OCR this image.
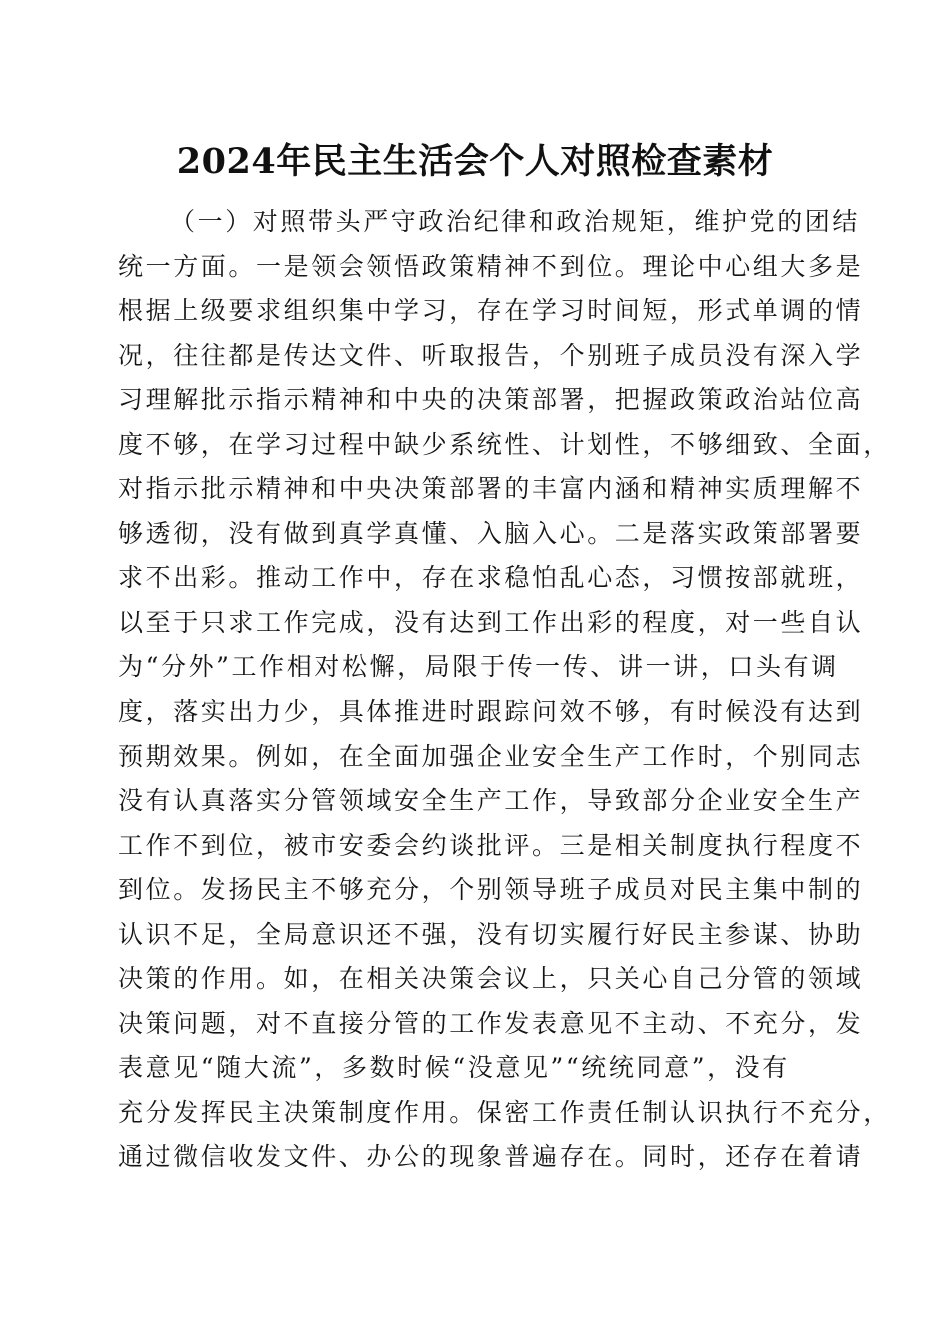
2024年民主生活会个人对照检查素材
（一）对照带头严守政治纪律和政治规矩，维护党的团结
统一方面。一是领会领悟政策精神不到位。理论中心组大多是
根据上级要求组织集中学习，存在学习时间短，形式单调的情
况，往往都是传达文件、听取报告，个别班子成员没有深入学
习理解批示指示精神和中央的决策部署，把握政策政治站位高
度不够，在学习过程中缺少系统性、计划性，不够细致、全面，
对指示批示精神和中央决策部署的丰富内涵和精神实质理解不
够透彻，没有做到真学真懂、入脑入心。二是落实政策部署要
求不出彩。推动工作中，存在求稳怕乱心态，习惯按部就班，
以至于只求工作完成，没有达到工作出彩的程度，对一些自认
为“分外”工作相对松懈，局限于传一传、讲一讲，口头有调
度，落实出力少，具体推进时跟踪问效不够，有时候没有达到
预期效果。例如，在全面加强企业安全生产工作时，个别同志
没有认真落实分管领域安全生产工作，导致部分企业安全生产
工作不到位，被市安委会约谈批评。三是相关制度执行程度不
到位。发扬民主不够充分，个别领导班子成员对民主集中制的
认识不足，全局意识还不强，没有切实履行好民主参谋、协助
决策的作用。如，在相关决策会议上，只关心自己分管的领域
决策问题，对不直接分管的工作发表意见不主动、不充分，发
表意见“随大流”，多数时候“没意见”“统统同意”，没有
充分发挥民主决策制度作用。保密工作责任制认识执行不充分，
通过微信收发文件、办公的现象普遍存在。同时，还存在着请
